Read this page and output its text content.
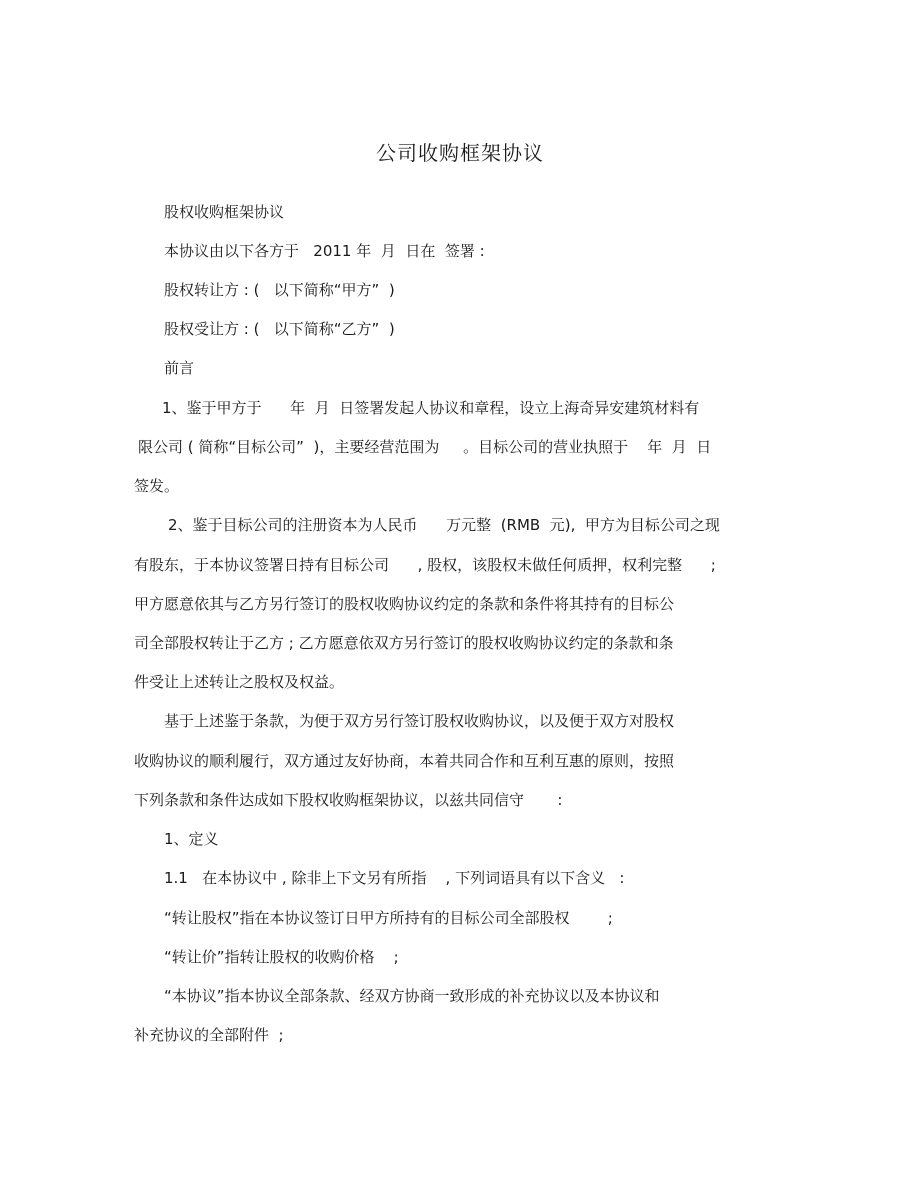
公司收购框架协议
股权收购框架协议
本协议由以下各方于   2011 年  月  日在  签署 :
股权转让方 : (   以下简称“甲方”  )
股权受让方 : (   以下简称“乙方”  )
前言
1、鉴于甲方于      年  月  日签署发起人协议和章程，设立上海奇异安建筑材料有
限公司 ( 简称“目标公司”  )，主要经营范围为     。目标公司的营业执照于    年  月  日
签发。
2、鉴于目标公司的注册资本为人民币      万元整  (RMB  元),  甲方为目标公司之现
有股东，于本协议签署日持有目标公司      , 股权，该股权未做任何质押，权利完整      ;
甲方愿意依其与乙方另行签订的股权收购协议约定的条款和条件将其持有的目标公
司全部股权转让于乙方 ; 乙方愿意依双方另行签订的股权收购协议约定的条款和条
件受让上述转让之股权及权益。
基于上述鉴于条款，为便于双方另行签订股权收购协议，以及便于双方对股权
收购协议的顺利履行，双方通过友好协商，本着共同合作和互利互惠的原则，按照
下列条款和条件达成如下股权收购框架协议，以兹共同信守       :
1、定义
1.1   在本协议中 , 除非上下文另有所指    , 下列词语具有以下含义   :
“转让股权”指在本协议签订日甲方所持有的目标公司全部股权        ;
“转让价”指转让股权的收购价格    ;
“本协议”指本协议全部条款、经双方协商一致形成的补充协议以及本协议和
补充协议的全部附件  ;
